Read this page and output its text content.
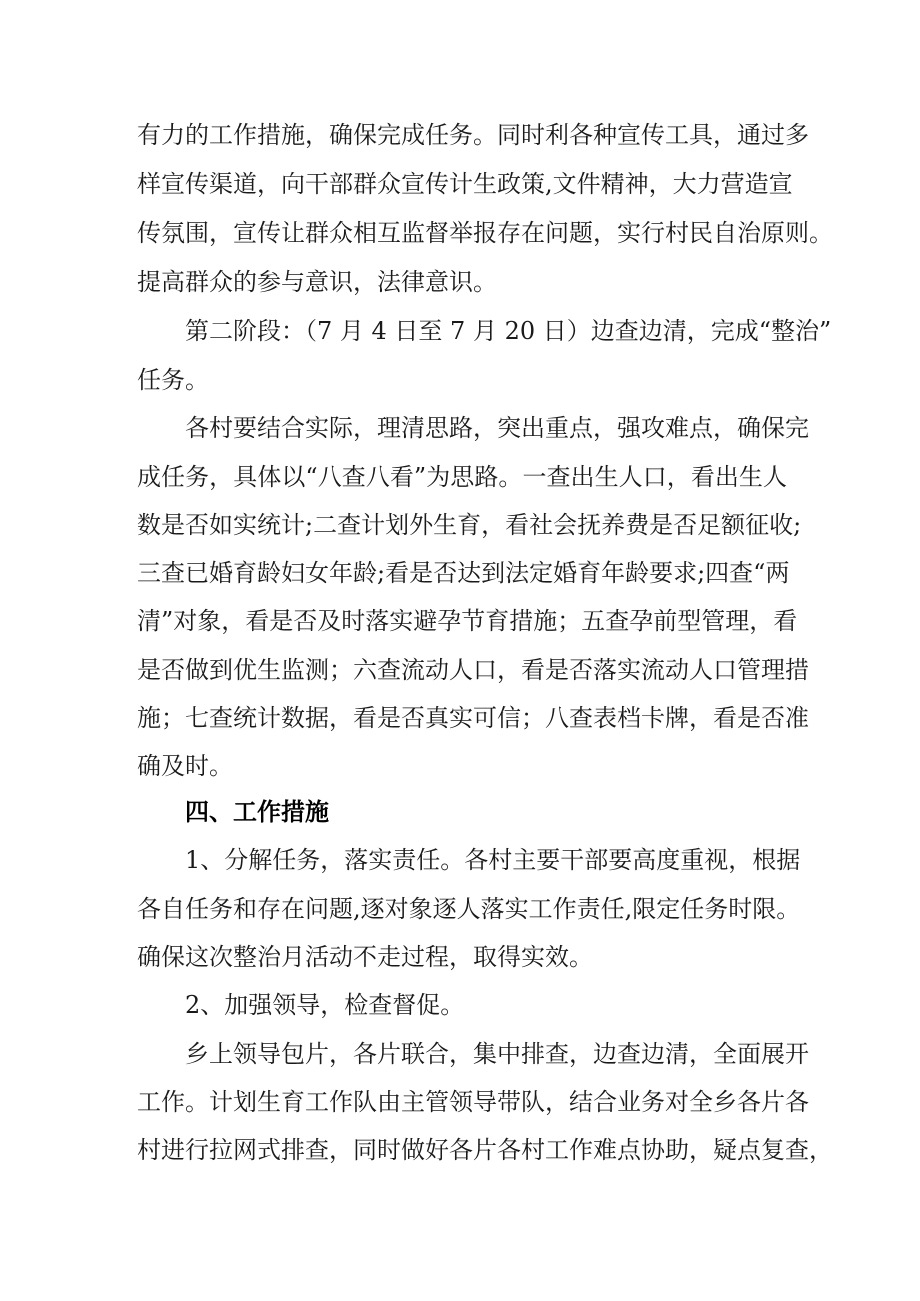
有力的工作措施，确保完成任务。同时利各种宣传工具，通过多
样宣传渠道，向干部群众宣传计生政策,文件精神，大力营造宣
传氛围，宣传让群众相互监督举报存在问题，实行村民自治原则。
提高群众的参与意识，法律意识。
第二阶段：（7 月 4 日至 7 月 20 日）边查边清，完成“整治”
任务。
各村要结合实际，理清思路，突出重点，强攻难点，确保完
成任务，具体以“八查八看”为思路。一查出生人口，看出生人
数是否如实统计;二查计划外生育，看社会抚养费是否足额征收;
三查已婚育龄妇女年龄;看是否达到法定婚育年龄要求;四查“两
清”对象，看是否及时落实避孕节育措施；五查孕前型管理，看
是否做到优生监测；六查流动人口，看是否落实流动人口管理措
施；七查统计数据，看是否真实可信；八查表档卡牌，看是否准
确及时。
四、工作措施
1、分解任务，落实责任。各村主要干部要高度重视，根据
各自任务和存在问题,逐对象逐人落实工作责任,限定任务时限。
确保这次整治月活动不走过程，取得实效。
2、加强领导，检查督促。
乡上领导包片，各片联合，集中排查，边查边清，全面展开
工作。计划生育工作队由主管领导带队，结合业务对全乡各片各
村进行拉网式排查，同时做好各片各村工作难点协助，疑点复查，
